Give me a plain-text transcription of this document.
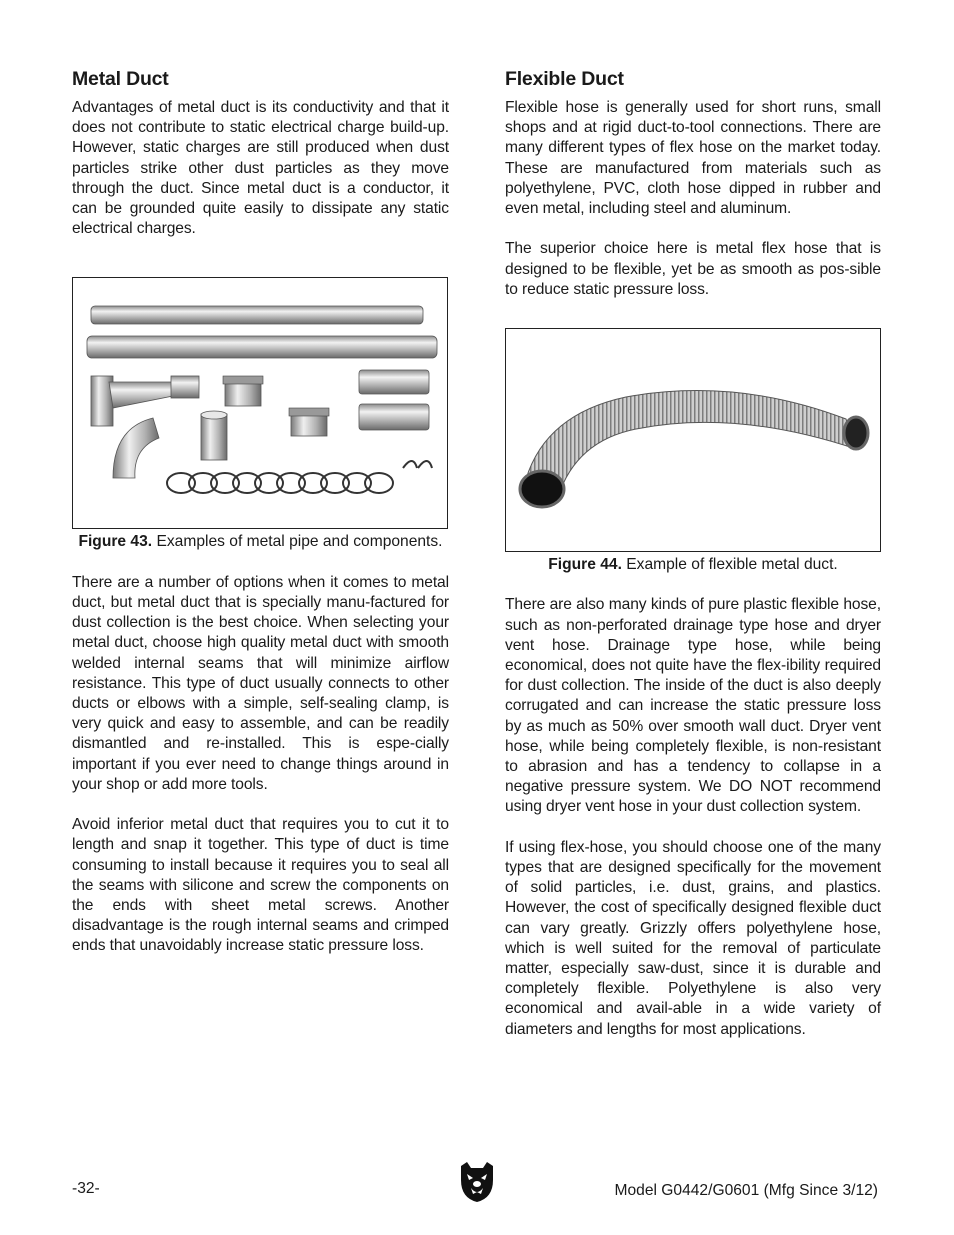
Metal Duct

Advantages of metal duct is its conductivity and that it does not contribute to static electrical charge build-up. However, static charges are still produced when dust particles strike other dust particles as they move through the duct. Since metal duct is a conductor, it can be grounded quite easily to dissipate any static electrical charges.

Figure 43. Examples of metal pipe and components.

There are a number of options when it comes to metal duct, but metal duct that is specially manu-factured for dust collection is the best choice. When selecting your metal duct, choose high quality metal duct with smooth welded internal seams that will minimize airflow resistance. This type of duct usually connects to other ducts or elbows with a simple, self-sealing clamp, is very quick and easy to assemble, and can be readily dismantled and re-installed. This is espe-cially important if you ever need to change things around in your shop or add more tools.

Avoid inferior metal duct that requires you to cut it to length and snap it together. This type of duct is time consuming to install because it requires you to seal all the seams with silicone and screw the components on the ends with sheet metal screws. Another disadvantage is the rough internal seams and crimped ends that unavoidably increase static pressure loss.

Flexible Duct

Flexible hose is generally used for short runs, small shops and at rigid duct-to-tool connections. There are many different types of flex hose on the market today. These are manufactured from materials such as polyethylene, PVC, cloth hose dipped in rubber and even metal, including steel and aluminum.

The superior choice here is metal flex hose that is designed to be flexible, yet be as smooth as pos-sible to reduce static pressure loss.

Figure 44. Example of flexible metal duct.

There are also many kinds of pure plastic flexible hose, such as non-perforated drainage type hose and dryer vent hose. Drainage type hose, while being economical, does not quite have the flex-ibility required for dust collection. The inside of the duct is also deeply corrugated and can increase the static pressure loss by as much as 50% over smooth wall duct. Dryer vent hose, while being completely flexible, is non-resistant to abrasion and has a tendency to collapse in a negative pressure system. We DO NOT recommend using dryer vent hose in your dust collection system.

If using flex-hose, you should choose one of the many types that are designed specifically for the movement of solid particles, i.e. dust, grains, and plastics. However, the cost of specifically designed flexible duct can vary greatly. Grizzly offers polyethylene hose, which is well suited for the removal of particulate matter, especially saw-dust, since it is durable and completely flexible. Polyethylene is also very economical and avail-able in a wide variety of diameters and lengths for most applications.

-32-	Model G0442/G0601 (Mfg Since 3/12)
